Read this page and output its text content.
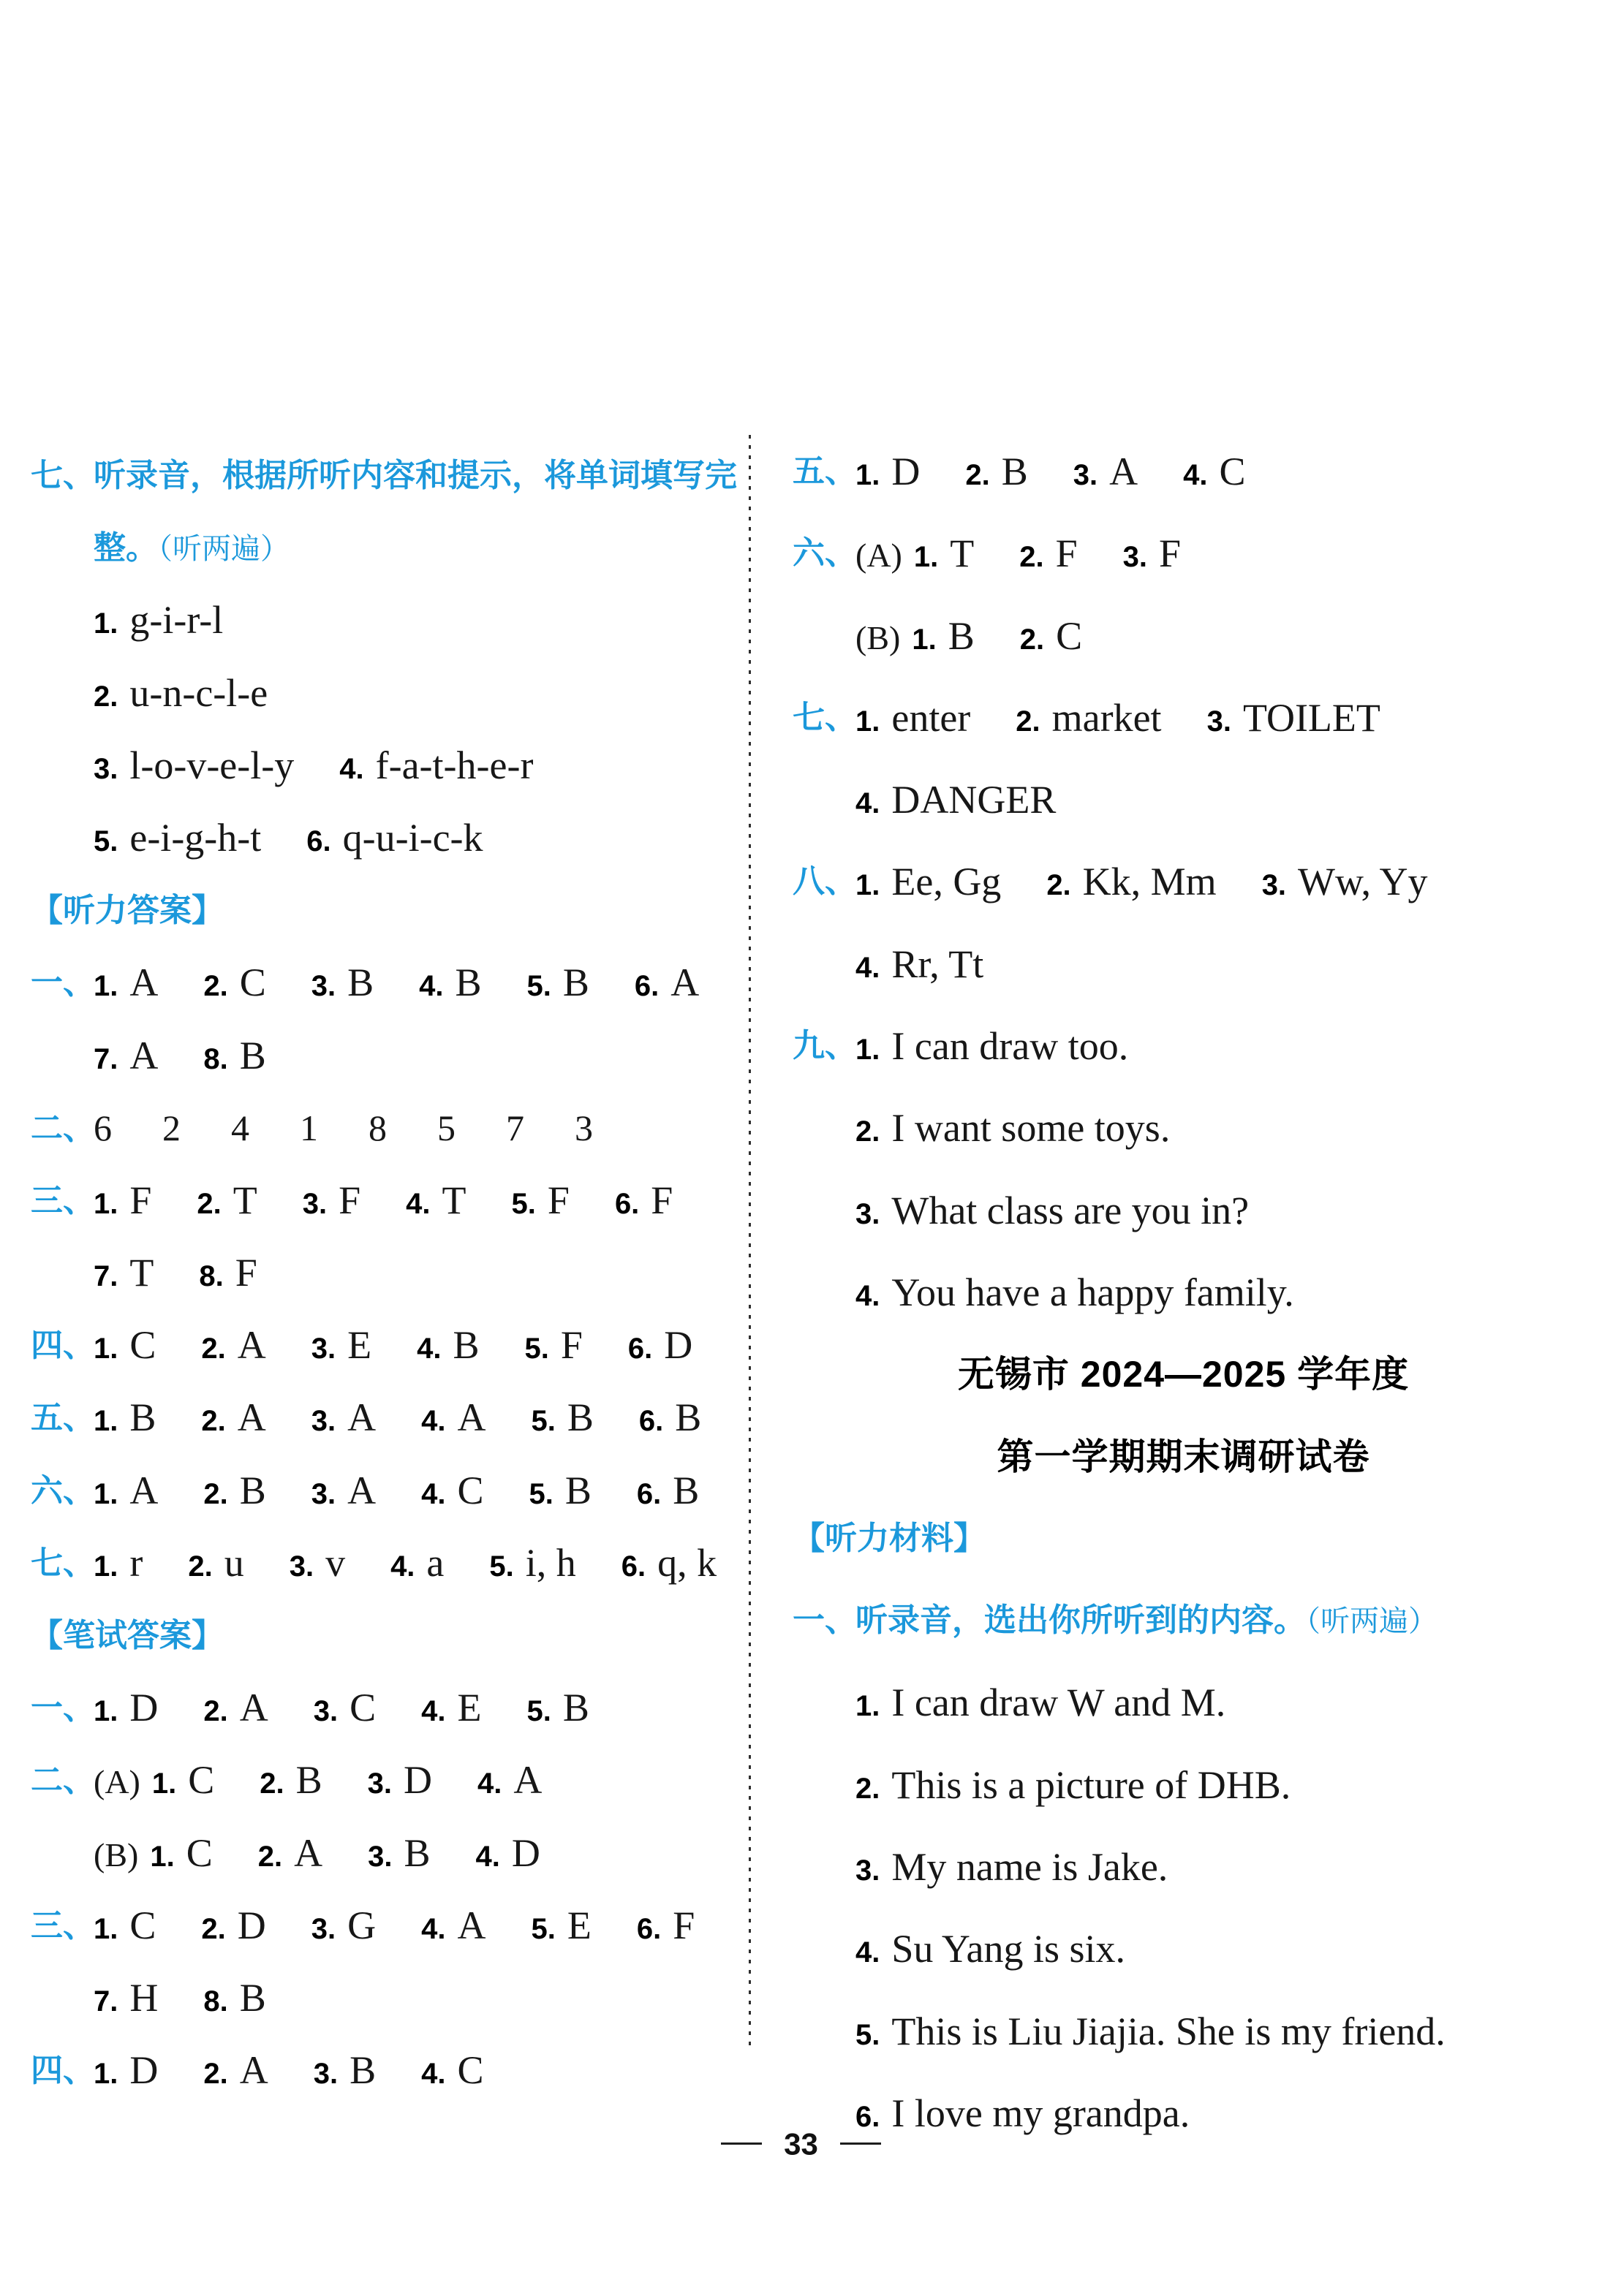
七、
听录音，根据所听内容和提示，将单词填写完
整。（听两遍）
1. g-i-r-l
2. u-n-c-l-e
3. l-o-v-e-l-y 4. f-a-t-h-e-r
5. e-i-g-h-t 6. q-u-i-c-k
【听力答案】
一、
1. A 2. C 3. B 4. B 5. B 6. A
7. A 8. B
二、
6 2 4 1 8 5 7 3
三、
1. F 2. T 3. F 4. T 5. F 6. F
7. T 8. F
四、
1. C 2. A 3. E 4. B 5. F 6. D
五、
1. B 2. A 3. A 4. A 5. B 6. B
六、
1. A 2. B 3. A 4. C 5. B 6. B
七、
1. r 2. u 3. v 4. a 5. i, h 6. q, k
【笔试答案】
一、
1. D 2. A 3. C 4. E 5. B
二、
(A) 1. C 2. B 3. D 4. A
(B) 1. C 2. A 3. B 4. D
三、
1. C 2. D 3. G 4. A 5. E 6. F
7. H 8. B
四、
1. D 2. A 3. B 4. C
五、
1. D 2. B 3. A 4. C
六、
(A) 1. T 2. F 3. F
(B) 1. B 2. C
七、
1. enter 2. market 3. TOILET
4. DANGER
八、
1. Ee, Gg 2. Kk, Mm 3. Ww, Yy
4. Rr, Tt
九、
1. I can draw too.
2. I want some toys.
3. What class are you in?
4. You have a happy family.
无锡市 2024—2025 学年度
第一学期期末调研试卷
【听力材料】
一、
听录音，选出你所听到的内容。（听两遍）
1. I can draw W and M.
2. This is a picture of DHB.
3. My name is Jake.
4. Su Yang is six.
5. This is Liu Jiajia. She is my friend.
6. I love my grandpa.
33
